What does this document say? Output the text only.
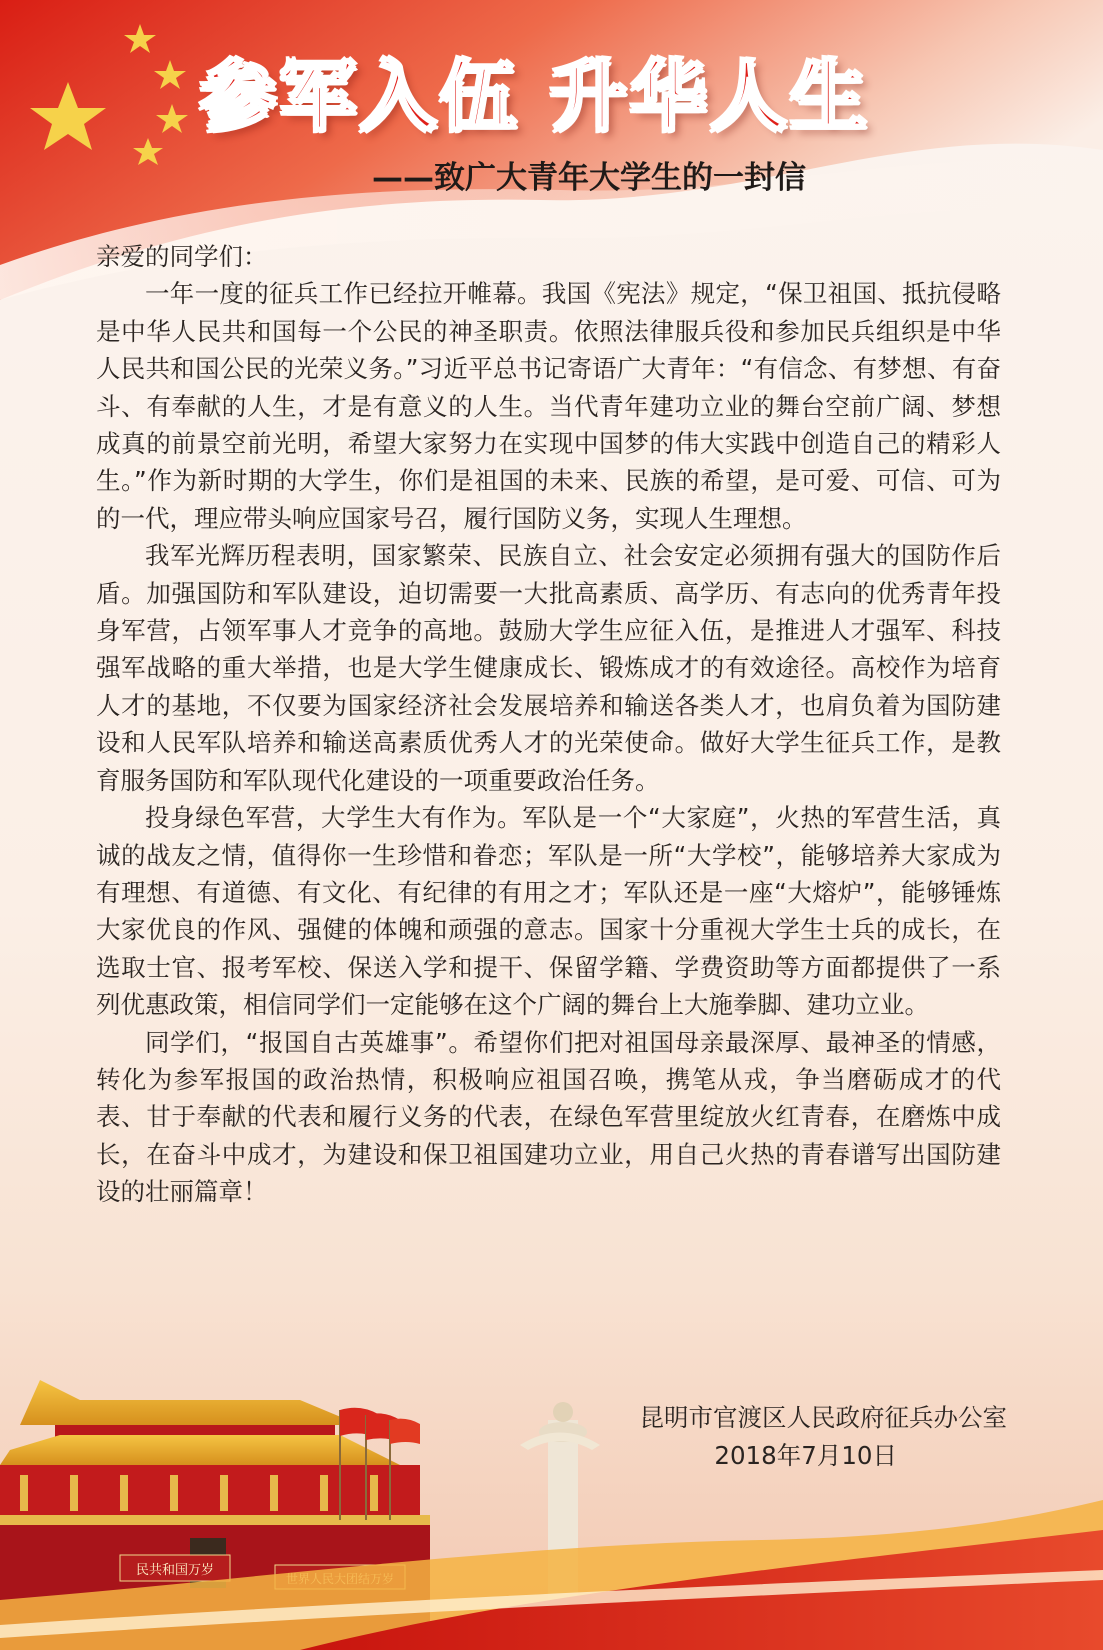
参军入伍 升华人生
——致广大青年大学生的一封信

亲爱的同学们：

一年一度的征兵工作已经拉开帷幕。我国《宪法》规定，“保卫祖国、抵抗侵略是中华人民共和国每一个公民的神圣职责。依照法律服兵役和参加民兵组织是中华人民共和国公民的光荣义务。”习近平总书记寄语广大青年：“有信念、有梦想、有奋斗、有奉献的人生，才是有意义的人生。当代青年建功立业的舞台空前广阔、梦想成真的前景空前光明，希望大家努力在实现中国梦的伟大实践中创造自己的精彩人生。”作为新时期的大学生，你们是祖国的未来、民族的希望，是可爱、可信、可为的一代，理应带头响应国家号召，履行国防义务，实现人生理想。

我军光辉历程表明，国家繁荣、民族自立、社会安定必须拥有强大的国防作后盾。加强国防和军队建设，迫切需要一大批高素质、高学历、有志向的优秀青年投身军营，占领军事人才竞争的高地。鼓励大学生应征入伍，是推进人才强军、科技强军战略的重大举措，也是大学生健康成长、锻炼成才的有效途径。高校作为培育人才的基地，不仅要为国家经济社会发展培养和输送各类人才，也肩负着为国防建设和人民军队培养和输送高素质优秀人才的光荣使命。做好大学生征兵工作，是教育服务国防和军队现代化建设的一项重要政治任务。

投身绿色军营，大学生大有作为。军队是一个“大家庭”，火热的军营生活，真诚的战友之情，值得你一生珍惜和眷恋；军队是一所“大学校”，能够培养大家成为有理想、有道德、有文化、有纪律的有用之才；军队还是一座“大熔炉”，能够锤炼大家优良的作风、强健的体魄和顽强的意志。国家十分重视大学生士兵的成长，在选取士官、报考军校、保送入学和提干、保留学籍、学费资助等方面都提供了一系列优惠政策，相信同学们一定能够在这个广阔的舞台上大施拳脚、建功立业。

同学们，“报国自古英雄事”。希望你们把对祖国母亲最深厚、最神圣的情感，转化为参军报国的政治热情，积极响应祖国召唤，携笔从戎，争当磨砺成才的代表、甘于奉献的代表和履行义务的代表，在绿色军营里绽放火红青春，在磨炼中成长，在奋斗中成才，为建设和保卫祖国建功立业，用自己火热的青春谱写出国防建设的壮丽篇章！

昆明市官渡区人民政府征兵办公室
2018年7月10日
民共和国万岁
